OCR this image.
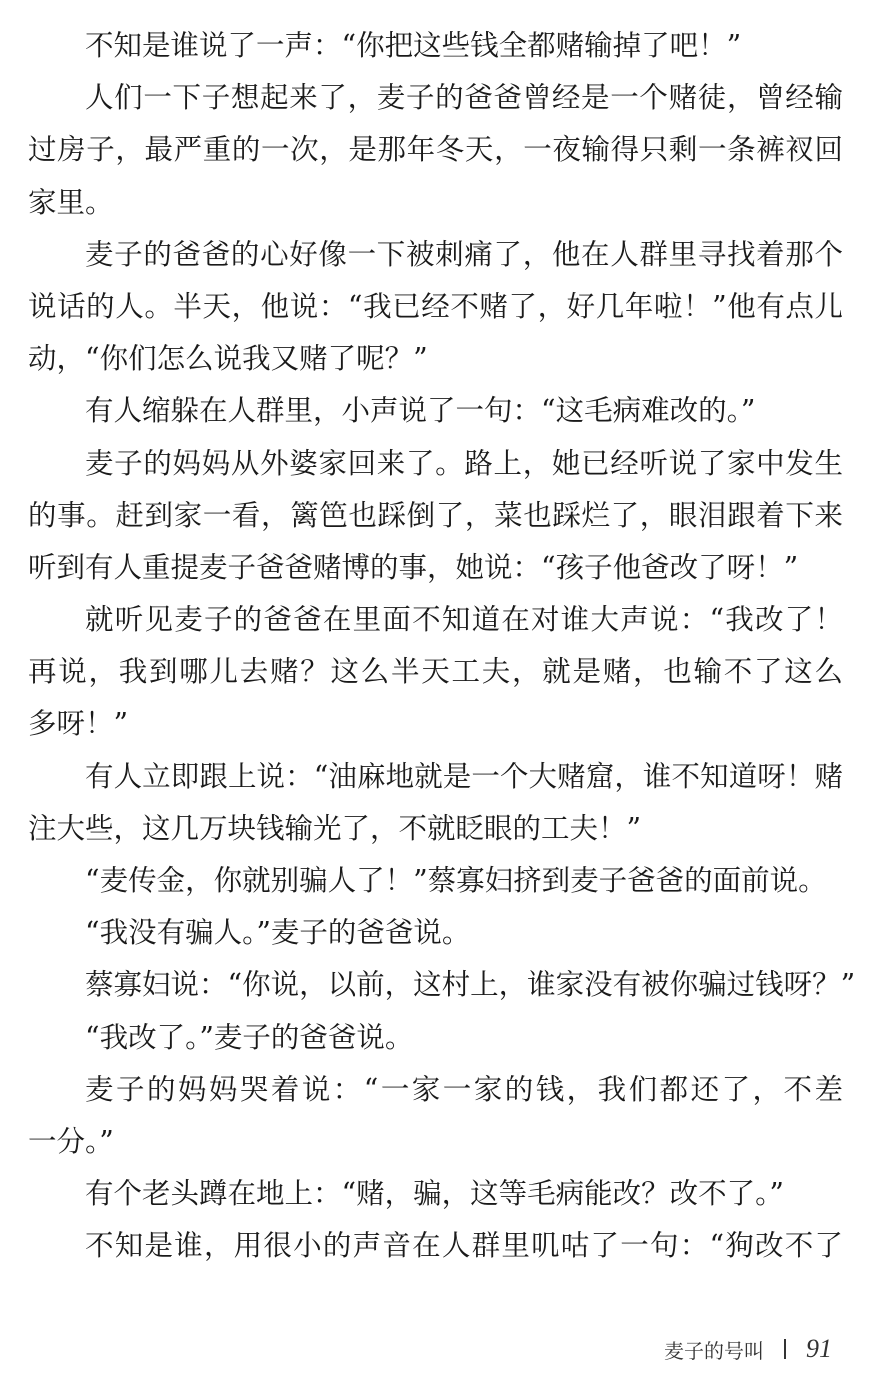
不知是谁说了一声：“你把这些钱全都赌输掉了吧！”
人们一下子想起来了，麦子的爸爸曾经是一个赌徒，曾经输
过房子，最严重的一次，是那年冬天，一夜输得只剩一条裤衩回
家里。
麦子的爸爸的心好像一下被刺痛了，他在人群里寻找着那个
说话的人。半天，他说：“我已经不赌了，好几年啦！”他有点儿
动，“你们怎么说我又赌了呢？”
有人缩躲在人群里，小声说了一句：“这毛病难改的。”
麦子的妈妈从外婆家回来了。路上，她已经听说了家中发生
的事。赶到家一看，篱笆也踩倒了，菜也踩烂了，眼泪跟着下来
听到有人重提麦子爸爸赌博的事，她说：“孩子他爸改了呀！”
就听见麦子的爸爸在里面不知道在对谁大声说：“我改了！
再说，我到哪儿去赌？这么半天工夫，就是赌，也输不了这么
多呀！”
有人立即跟上说：“油麻地就是一个大赌窟，谁不知道呀！赌
注大些，这几万块钱输光了，不就眨眼的工夫！”
“麦传金，你就别骗人了！”蔡寡妇挤到麦子爸爸的面前说。
“我没有骗人。”麦子的爸爸说。
蔡寡妇说：“你说，以前，这村上，谁家没有被你骗过钱呀？”
“我改了。”麦子的爸爸说。
麦子的妈妈哭着说：“一家一家的钱，我们都还了，不差
一分。”
有个老头蹲在地上：“赌，骗，这等毛病能改？改不了。”
不知是谁，用很小的声音在人群里叽咕了一句：“狗改不了
麦子的号叫 91
